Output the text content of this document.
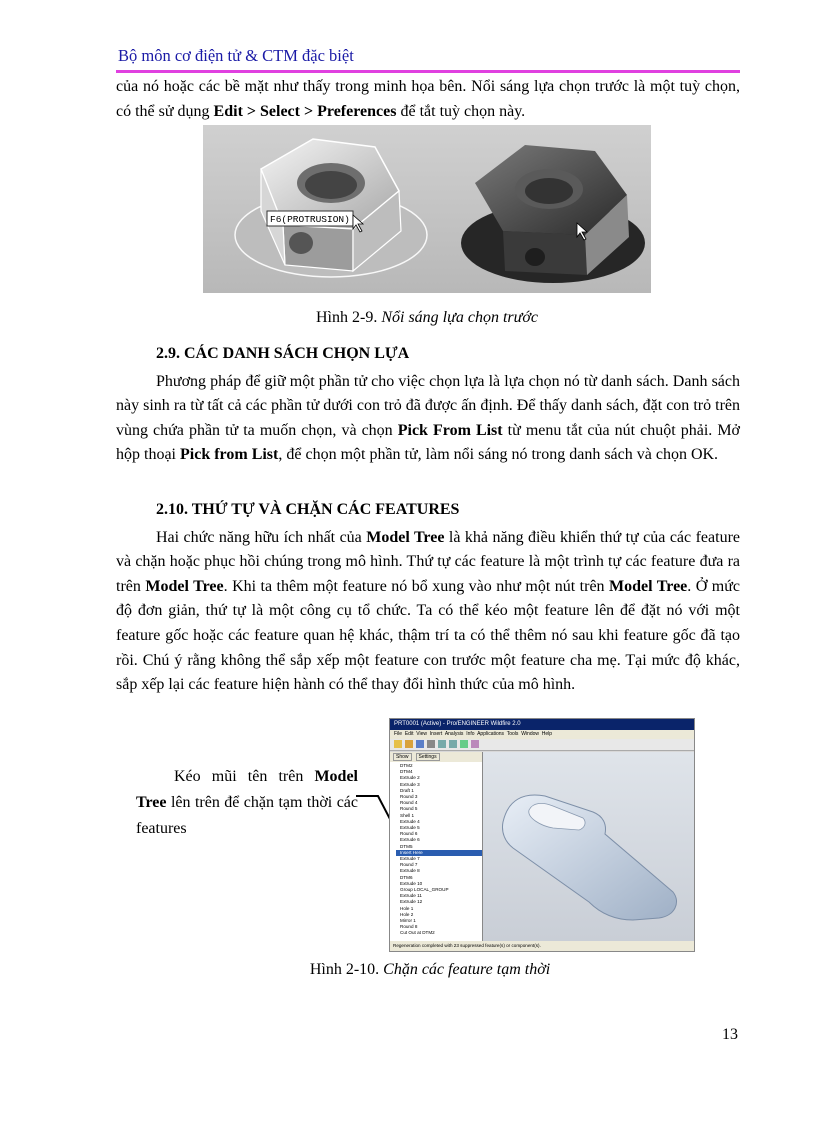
Bộ môn cơ điện tử & CTM đặc biệt

của nó hoặc các bề mặt như thấy trong minh họa bên. Nổi sáng lựa chọn trước là một tuỳ chọn, có thể sử dụng Edit > Select > Preferences để tắt tuỳ chọn này.

F6(PROTRUSION)
Hình 2-9. Nổi sáng lựa chọn trước
2.9. CÁC DANH SÁCH CHỌN LỰA

Phương pháp để giữ một phần tử cho việc chọn lựa là lựa chọn nó từ danh sách. Danh sách này sinh ra từ tất cả các phần tử dưới con trỏ đã được ấn định. Để thấy danh sách, đặt con trỏ trên vùng chứa phần tử ta muốn chọn, và chọn Pick From List từ menu tắt của nút chuột phải. Mở hộp thoại Pick from List, để chọn một phần tử, làm nổi sáng nó trong danh sách và chọn OK.

2.10. THỨ TỰ VÀ CHẶN CÁC FEATURES

Hai chức năng hữu ích nhất của Model Tree là khả năng điều khiển thứ tự của các feature và chặn hoặc phục hồi chúng trong mô hình. Thứ tự các feature là một trình tự các feature đưa ra trên Model Tree. Khi ta thêm một feature nó bổ xung vào như một nút trên Model Tree. Ở mức độ đơn giản, thứ tự là một công cụ tổ chức. Ta có thể kéo một feature lên để đặt nó với một feature gốc hoặc các feature quan hệ khác, thậm trí ta có thể thêm nó sau khi feature gốc đã tạo rồi. Chú ý rằng không thể sắp xếp một feature con trước một feature cha mẹ. Tại mức độ khác, sắp xếp lại các feature hiện hành có thể thay đổi hình thức của mô hình.

Kéo mũi tên trên Model Tree lên trên để chặn tạm thời các features
PRT0001 (Active) - Pro/ENGINEER Wildfire 2.0
File Edit View Insert Analysis Info Applications Tools Window Help
Show	Settings
DTM2
DTM4
Extrude 2
Extrude 3
Draft 1
Round 3
Round 4
Round 5
Shell 1
Extrude 4
Extrude 5
Round 6
Extrude 6
DTM5
Insert Here
Extrude 7
Round 7
Extrude 8
DTM6
Extrude 10
Group LOCAL_GROUP
Extrude 11
Extrude 12
Hole 1
Hole 2
Mirror 1
Round 8
Cut Out at DTM2
Regeneration completed with 23 suppressed feature(s) or component(s).
Hình 2-10. Chặn các feature tạm thời
13
